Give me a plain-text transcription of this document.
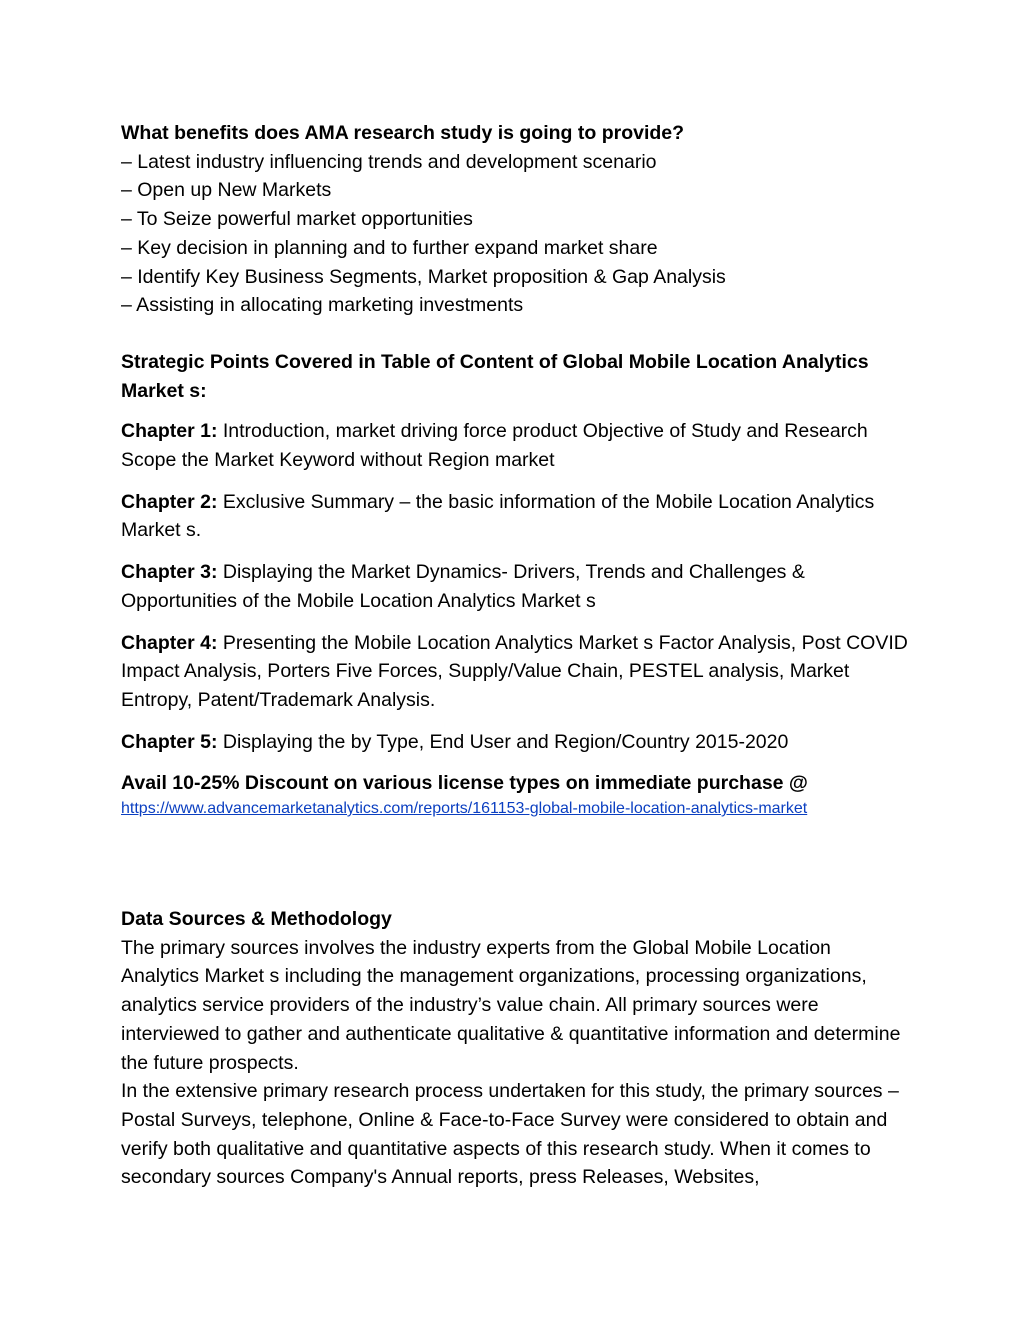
What benefits does AMA research study is going to provide?

– Latest industry influencing trends and development scenario
– Open up New Markets
– To Seize powerful market opportunities
– Key decision in planning and to further expand market share
– Identify Key Business Segments, Market proposition & Gap Analysis
– Assisting in allocating marketing investments

Strategic Points Covered in Table of Content of Global Mobile Location Analytics Market s:

Chapter 1: Introduction, market driving force product Objective of Study and Research Scope the Market Keyword without Region market

Chapter 2: Exclusive Summary – the basic information of the Mobile Location Analytics Market s.

Chapter 3: Displaying the Market Dynamics- Drivers, Trends and Challenges & Opportunities of the Mobile Location Analytics Market s

Chapter 4: Presenting the Mobile Location Analytics Market s Factor Analysis, Post COVID Impact Analysis, Porters Five Forces, Supply/Value Chain, PESTEL analysis, Market Entropy, Patent/Trademark Analysis.

Chapter 5: Displaying the by Type, End User and Region/Country 2015-2020

Avail 10-25% Discount on various license types on immediate purchase @

https://www.advancemarketanalytics.com/reports/161153-global-mobile-location-analytics-market

Data Sources & Methodology

The primary sources involves the industry experts from the Global Mobile Location Analytics Market s including the management organizations, processing organizations, analytics service providers of the industry’s value chain. All primary sources were interviewed to gather and authenticate qualitative & quantitative information and determine the future prospects.

In the extensive primary research process undertaken for this study, the primary sources – Postal Surveys, telephone, Online & Face-to-Face Survey were considered to obtain and verify both qualitative and quantitative aspects of this research study. When it comes to secondary sources Company's Annual reports, press Releases, Websites,
